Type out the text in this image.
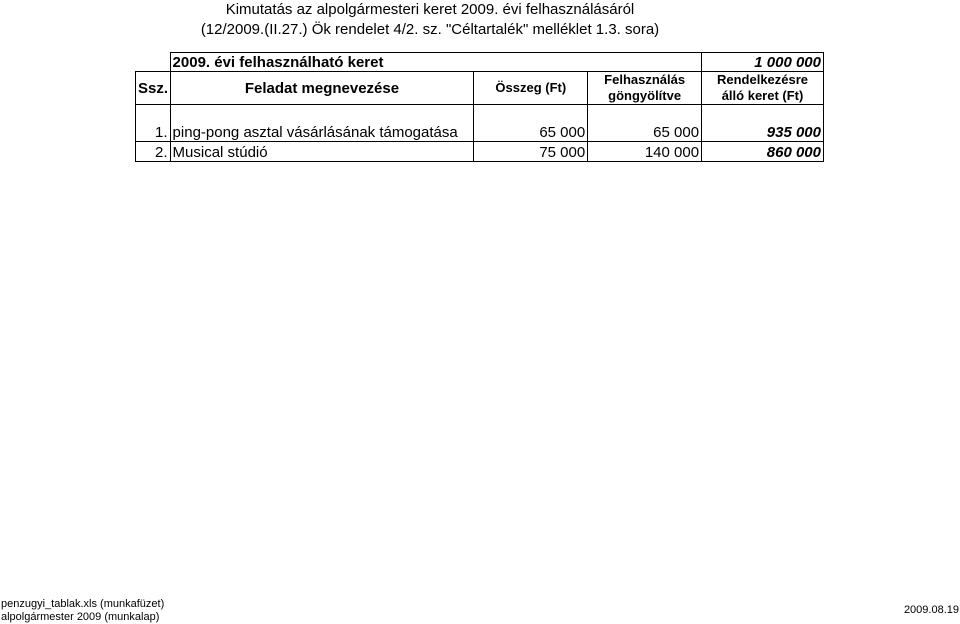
Kimutatás az alpolgármesteri keret 2009. évi felhasználásáról
(12/2009.(II.27.) Ök rendelet 4/2. sz. "Céltartalék" melléklet 1.3. sora)
	2009. évi felhasználható keret			1 000 000
Ssz.	Feladat megnevezése	Összeg (Ft)	Felhasználás göngyölítve	Rendelkezésre álló keret (Ft)
1.	ping-pong asztal vásárlásának támogatása	65 000	65 000	935 000
2.	Musical stúdió	75 000	140 000	860 000
penzugyi_tablak.xls (munkafüzet)
alpolgármester 2009 (munkalap)
2009.08.19
